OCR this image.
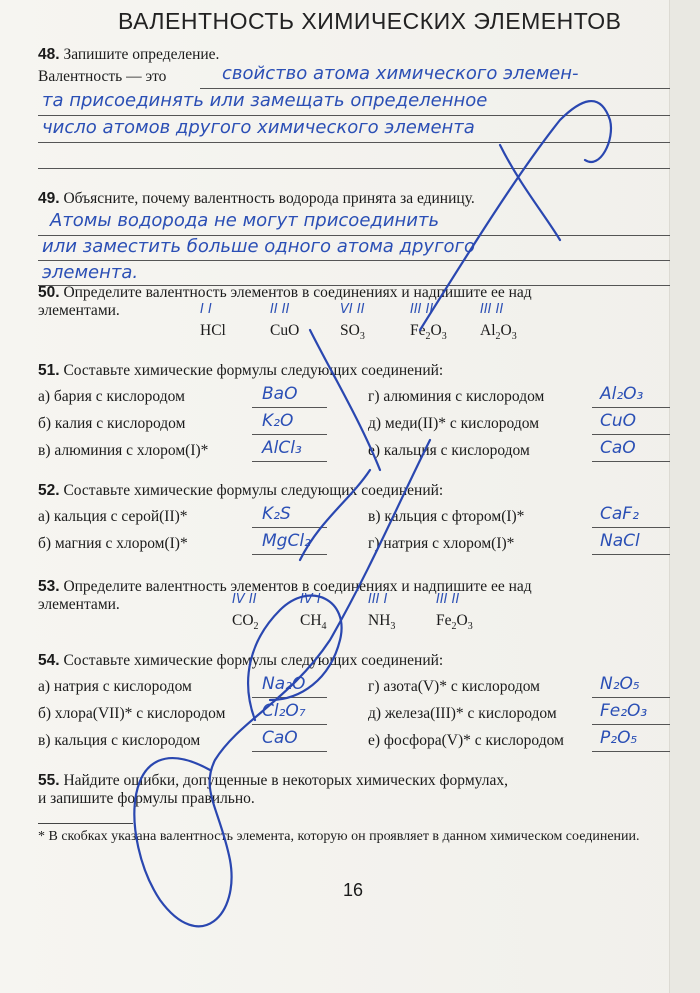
ВАЛЕНТНОСТЬ ХИМИЧЕСКИХ ЭЛЕМЕНТОВ
48. Запишите определение.
Валентность — это	свойство атома химического элемен-
та присоединять или замещать определенное
число атомов другого химического элемента
49. Объясните, почему валентность водорода принята за единицу.
Атомы водорода не могут присоединить
или заместить больше одного атома другого
элемента.
50. Определите валентность элементов в соединениях и надпишите ее над
элементами.	I I
HCl
II II
CuO
VI II
$SO_3$
III II
$Fe_2O_3$
III II
$Al_2O_3$
51. Составьте химические формулы следующих соединений:
а) бария с кислородом	BaO
б) калия с кислородом	K₂O
в) алюминия с хлором(I)*	AlCl₃
г) алюминия с кислородом	Al₂O₃
д) меди(II)* с кислородом	CuO
е) кальция с кислородом	CaO
52. Составьте химические формулы следующих соединений:
а) кальция с серой(II)*	K₂S
б) магния с хлором(I)*	MgCl₂
в) кальция с фтором(I)*	CaF₂
г) натрия с хлором(I)*	NaCl
53. Определите валентность элементов в соединениях и надпишите ее над
элементами.	IV II
$CO_2$
IV I
$CH_4$
III I
$NH_3$
III II
$Fe_2O_3$
54. Составьте химические формулы следующих соединений:
а) натрия с кислородом	Na₂O
б) хлора(VII)* с кислородом Cl₂O₇
в) кальция с кислородом	CaO
г) азота(V)* с кислородом	N₂O₅
д) железа(III)* с кислородом	Fe₂O₃
е) фосфора(V)* с кислородом P₂O₅
55. Найдите ошибки, допущенные в некоторых химических формулах,
и запишите формулы правильно.
* В скобках указана валентность элемента, которую он проявляет в данном химическом соединении.
16
